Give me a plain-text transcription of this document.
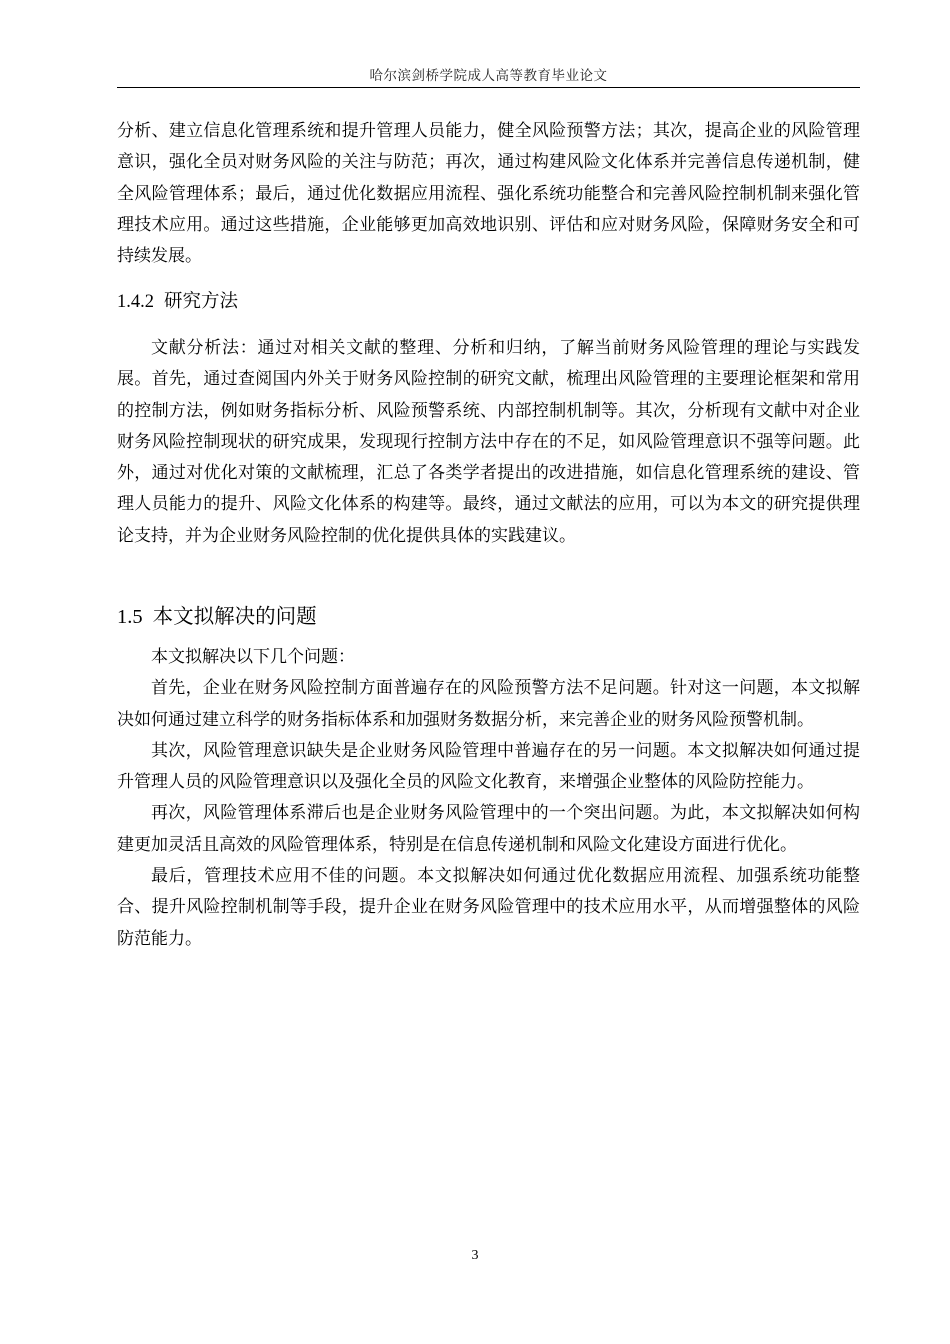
哈尔滨剑桥学院成人高等教育毕业论文

分析、建立信息化管理系统和提升管理人员能力，健全风险预警方法；其次，提高企业的风险管理意识，强化全员对财务风险的关注与防范；再次，通过构建风险文化体系并完善信息传递机制，健全风险管理体系；最后，通过优化数据应用流程、强化系统功能整合和完善风险控制机制来强化管理技术应用。通过这些措施，企业能够更加高效地识别、评估和应对财务风险，保障财务安全和可持续发展。

1.4.2 研究方法

文献分析法：通过对相关文献的整理、分析和归纳，了解当前财务风险管理的理论与实践发展。首先，通过查阅国内外关于财务风险控制的研究文献，梳理出风险管理的主要理论框架和常用的控制方法，例如财务指标分析、风险预警系统、内部控制机制等。其次，分析现有文献中对企业财务风险控制现状的研究成果，发现现行控制方法中存在的不足，如风险管理意识不强等问题。此外，通过对优化对策的文献梳理，汇总了各类学者提出的改进措施，如信息化管理系统的建设、管理人员能力的提升、风险文化体系的构建等。最终，通过文献法的应用，可以为本文的研究提供理论支持，并为企业财务风险控制的优化提供具体的实践建议。

1.5 本文拟解决的问题

本文拟解决以下几个问题：

首先，企业在财务风险控制方面普遍存在的风险预警方法不足问题。针对这一问题，本文拟解决如何通过建立科学的财务指标体系和加强财务数据分析，来完善企业的财务风险预警机制。

其次，风险管理意识缺失是企业财务风险管理中普遍存在的另一问题。本文拟解决如何通过提升管理人员的风险管理意识以及强化全员的风险文化教育，来增强企业整体的风险防控能力。

再次，风险管理体系滞后也是企业财务风险管理中的一个突出问题。为此，本文拟解决如何构建更加灵活且高效的风险管理体系，特别是在信息传递机制和风险文化建设方面进行优化。

最后，管理技术应用不佳的问题。本文拟解决如何通过优化数据应用流程、加强系统功能整合、提升风险控制机制等手段，提升企业在财务风险管理中的技术应用水平，从而增强整体的风险防范能力。

3
